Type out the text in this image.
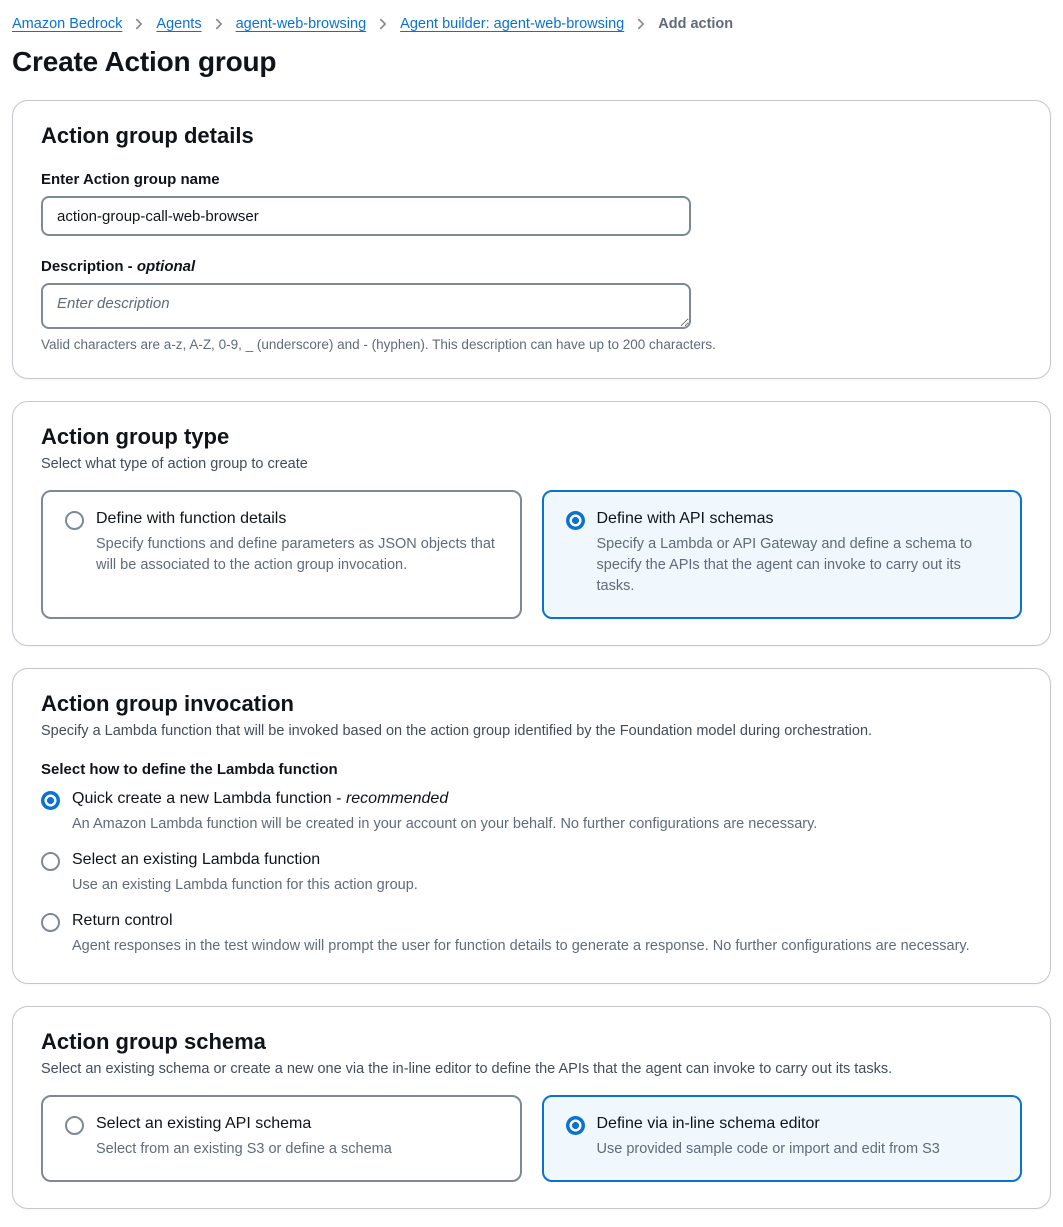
Amazon Bedrock Agents agent-web-browsing Agent builder: agent-web-browsing Add action
Create Action group
Action group details
Enter Action group name
action-group-call-web-browser
Description - optional
Enter description
Valid characters are a-z, A-Z, 0-9, _ (underscore) and - (hyphen). This description can have up to 200 characters.
Action group type
Select what type of action group to create
Define with function details
Specify functions and define parameters as JSON objects that will be associated to the action group invocation.
Define with API schemas
Specify a Lambda or API Gateway and define a schema to specify the APIs that the agent can invoke to carry out its tasks.
Action group invocation
Specify a Lambda function that will be invoked based on the action group identified by the Foundation model during orchestration.
Select how to define the Lambda function
Quick create a new Lambda function - recommended
An Amazon Lambda function will be created in your account on your behalf. No further configurations are necessary.
Select an existing Lambda function
Use an existing Lambda function for this action group.
Return control
Agent responses in the test window will prompt the user for function details to generate a response. No further configurations are necessary.
Action group schema
Select an existing schema or create a new one via the in-line editor to define the APIs that the agent can invoke to carry out its tasks.
Select an existing API schema
Select from an existing S3 or define a schema
Define via in-line schema editor
Use provided sample code or import and edit from S3
